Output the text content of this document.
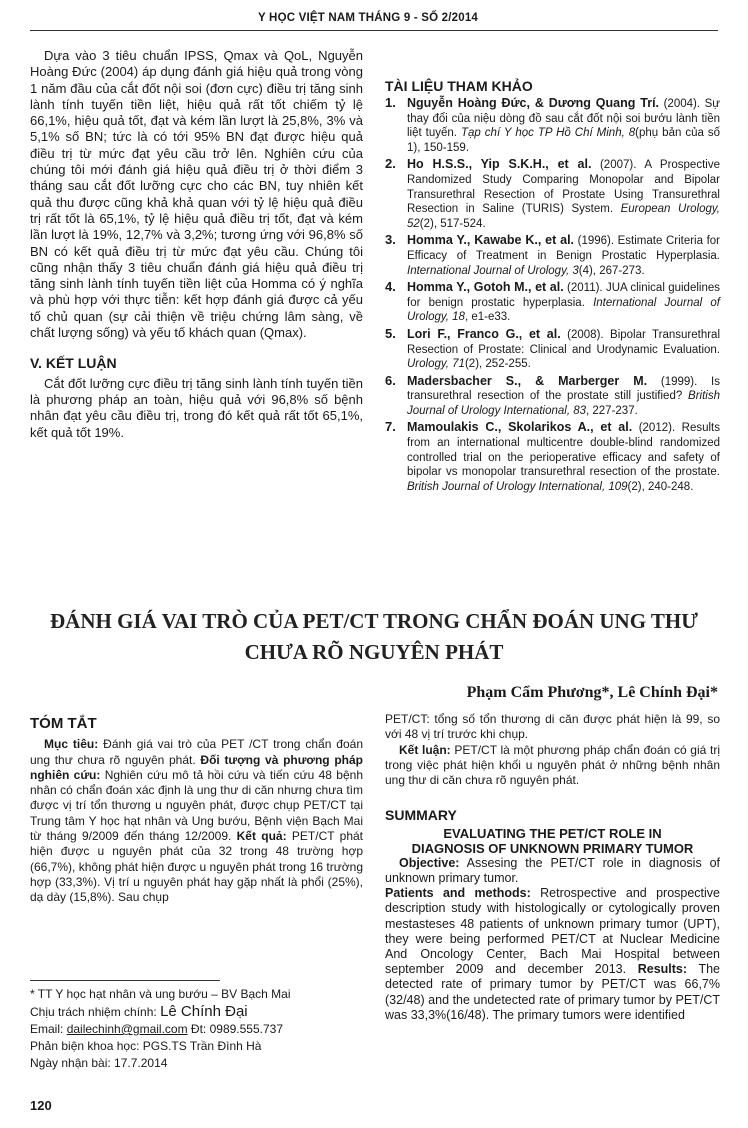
Y HỌC VIỆT NAM THÁNG 9 - SỐ 2/2014

Dựa vào 3 tiêu chuẩn IPSS, Qmax và QoL, Nguyễn Hoàng Đức (2004) áp dụng đánh giá hiệu quả trong vòng 1 năm đầu của cắt đốt nội soi (đơn cực) điều trị tăng sinh lành tính tuyến tiền liệt, hiệu quả rất tốt chiếm tỷ lệ 66,1%, hiệu quả tốt, đạt và kém lần lượt là 25,8%, 3% và 5,1% số BN; tức là có tới 95% BN đạt được hiệu quả điều trị từ mức đạt yêu cầu trở lên. Nghiên cứu của chúng tôi mới đánh giá hiệu quả điều trị ở thời điểm 3 tháng sau cắt đốt lưỡng cực cho các BN, tuy nhiên kết quả thu được cũng khả khả quan với tỷ lệ hiệu quả điều trị rất tốt là 65,1%, tỷ lệ hiệu quả điều trị tốt, đạt và kém lần lượt là 19%, 12,7% và 3,2%; tương ứng với 96,8% số BN có kết quả điều trị từ mức đạt yêu cầu. Chúng tôi cũng nhận thấy 3 tiêu chuẩn đánh giá hiệu quả điều trị tăng sinh lành tính tuyến tiền liệt của Homma có ý nghĩa và phù hợp với thực tiễn: kết hợp đánh giá được cả yếu tố chủ quan (sự cải thiện về triệu chứng lâm sàng, về chất lượng sống) và yếu tố khách quan (Qmax).

V. KẾT LUẬN

Cắt đốt lưỡng cực điều trị tăng sinh lành tính tuyến tiền là phương pháp an toàn, hiệu quả với 96,8% số bệnh nhân đạt yêu cầu điều trị, trong đó kết quả rất tốt 65,1%, kết quả tốt 19%.

TÀI LIỆU THAM KHẢO
1. Nguyễn Hoàng Đức, & Dương Quang Trí. (2004). Sự thay đổi của niệu dòng đồ sau cắt đốt nội soi bướu lành tiền liệt tuyến. Tạp chí Y học TP Hồ Chí Minh, 8(phụ bản của số 1), 150-159.
2. Ho H.S.S., Yip S.K.H., et al. (2007). A Prospective Randomized Study Comparing Monopolar and Bipolar Transurethral Resection of Prostate Using Transurethral Resection in Saline (TURIS) System. European Urology, 52(2), 517-524.
3. Homma Y., Kawabe K., et al. (1996). Estimate Criteria for Efficacy of Treatment in Benign Prostatic Hyperplasia. International Journal of Urology, 3(4), 267-273.
4. Homma Y., Gotoh M., et al. (2011). JUA clinical guidelines for benign prostatic hyperplasia. International Journal of Urology, 18, e1-e33.
5. Lori F., Franco G., et al. (2008). Bipolar Transurethral Resection of Prostate: Clinical and Urodynamic Evaluation. Urology, 71(2), 252-255.
6. Madersbacher S., & Marberger M. (1999). Is transurethral resection of the prostate still justified? British Journal of Urology International, 83, 227-237.
7. Mamoulakis C., Skolarikos A., et al. (2012). Results from an international multicentre double-blind randomized controlled trial on the perioperative efficacy and safety of bipolar vs monopolar transurethral resection of the prostate. British Journal of Urology International, 109(2), 240-248.
ĐÁNH GIÁ VAI TRÒ CỦA PET/CT TRONG CHẨN ĐOÁN UNG THƯ
CHƯA RÕ NGUYÊN PHÁT
Phạm Cẩm Phương*, Lê Chính Đại*
TÓM TẮT

Mục tiêu: Đánh giá vai trò của PET /CT trong chẩn đoán ung thư chưa rõ nguyên phát. Đối tượng và phương pháp nghiên cứu: Nghiên cứu mô tả hồi cứu và tiến cứu 48 bệnh nhân có chẩn đoán xác định là ung thư di căn nhưng chưa tìm được vị trí tổn thương u nguyên phát, được chụp PET/CT tại Trung tâm Y học hạt nhân và Ung bướu, Bệnh viện Bạch Mai từ tháng 9/2009 đến tháng 12/2009. Kết quả: PET/CT phát hiện được u nguyên phát của 32 trong 48 trường hợp (66,7%), không phát hiện được u nguyên phát trong 16 trường hợp (33,3%). Vị trí u nguyên phát hay gặp nhất là phổi (25%), dạ dày (15,8%). Sau chụp

PET/CT: tổng số tổn thương di căn được phát hiện là 99, so với 48 vị trí trước khi chụp.

Kết luận: PET/CT là một phương pháp chẩn đoán có giá trị trong việc phát hiện khối u nguyên phát ở những bệnh nhân ung thư di căn chưa rõ nguyên phát.

SUMMARY
EVALUATING THE PET/CT ROLE IN
DIAGNOSIS OF UNKNOWN PRIMARY TUMOR

Objective: Assesing the PET/CT role in diagnosis of unknown primary tumor.
Patients and methods: Retrospective and prospective description study with histologically or cytologically proven mestasteses 48 patients of unknown primary tumor (UPT), they were being performed PET/CT at Nuclear Medicine And Oncology Center, Bach Mai Hospital between september 2009 and december 2013. Results: The detected rate of primary tumor by PET/CT was 66,7%(32/48) and the undetected rate of primary tumor by PET/CT was 33,3%(16/48). The primary tumors were identified

* TT Y học hạt nhân và ung bướu – BV Bạch Mai
Chịu trách nhiệm chính: Lê Chính Đại
Email: dailechinh@gmail.com Đt: 0989.555.737
Phản biện khoa học: PGS.TS Trần Đình Hà
Ngày nhận bài: 17.7.2014
120
